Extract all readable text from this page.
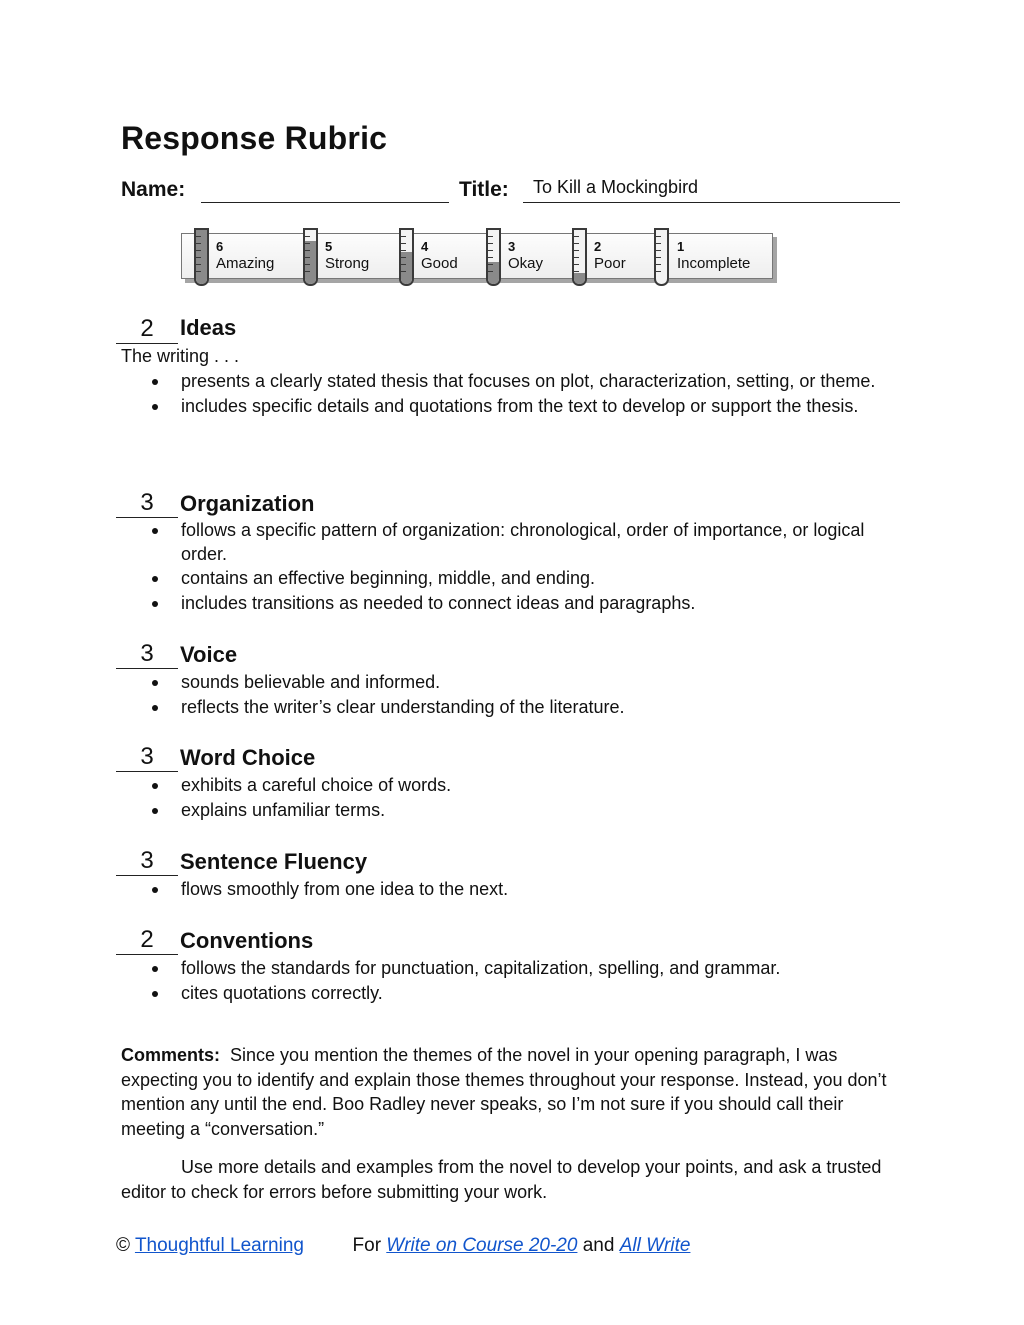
Response Rubric
Name:	Title: To Kill a Mockingbird
6
Amazing
5
Strong
4
Good
3
Okay
2
Poor
1
Incomplete
2	Ideas
The writing . . .
presents a clearly stated thesis that focuses on plot, characterization, setting, or theme.
includes specific details and quotations from the text to develop or support the thesis.
3	Organization
follows a specific pattern of organization: chronological, order of importance, or logical order.
contains an effective beginning, middle, and ending.
includes transitions as needed to connect ideas and paragraphs.
3	Voice
sounds believable and informed.
reflects the writer’s clear understanding of the literature.
3	Word Choice
exhibits a careful choice of words.
explains unfamiliar terms.
3	Sentence Fluency
flows smoothly from one idea to the next.
2	Conventions
follows the standards for punctuation, capitalization, spelling, and grammar.
cites quotations correctly.

Comments: Since you mention the themes of the novel in your opening paragraph, I was expecting you to identify and explain those themes throughout your response. Instead, you don’t mention any until the end. Boo Radley never speaks, so I’m not sure if you should call their meeting a “conversation.”

Use more details and examples from the novel to develop your points, and ask a trusted editor to check for errors before submitting your work.

© Thoughtful Learning	For Write on Course 20-20 and All Write
